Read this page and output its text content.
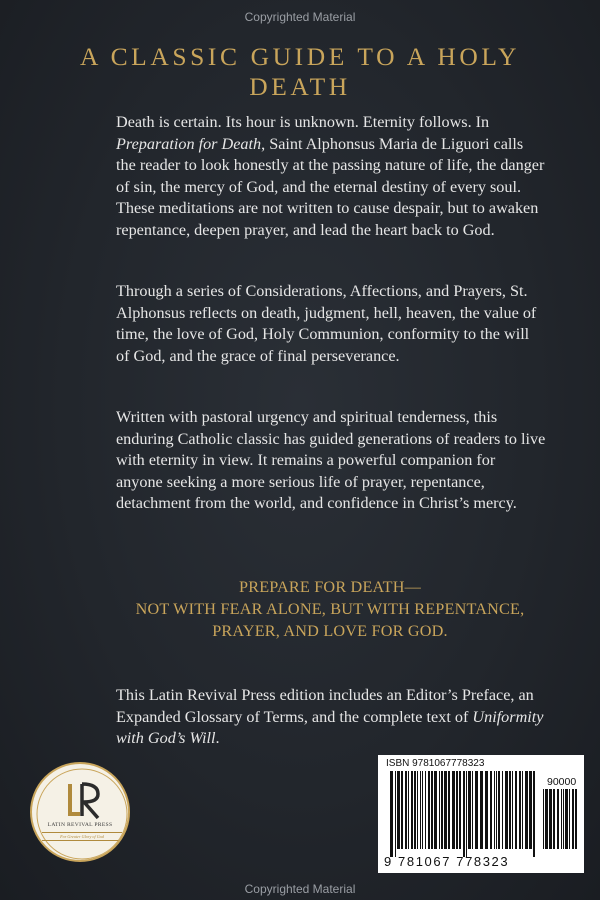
Copyrighted Material
A CLASSIC GUIDE TO A HOLY DEATH

Death is certain. Its hour is unknown. Eternity follows. In Preparation for Death, Saint Alphonsus Maria de Liguori calls the reader to look honestly at the passing nature of life, the danger of sin, the mercy of God, and the eternal destiny of every soul. These meditations are not written to cause despair, but to awaken repentance, deepen prayer, and lead the heart back to God.

Through a series of Considerations, Affections, and Prayers, St. Alphonsus reflects on death, judgment, hell, heaven, the value of time, the love of God, Holy Communion, conformity to the will of God, and the grace of final perseverance.

Written with pastoral urgency and spiritual tenderness, this enduring Catholic classic has guided generations of readers to live with eternity in view. It remains a powerful companion for anyone seeking a more serious life of prayer, repentance, detachment from the world, and confidence in Christ’s mercy.

PREPARE FOR DEATH—
NOT WITH FEAR ALONE, BUT WITH REPENTANCE,
PRAYER, AND LOVE FOR GOD.

This Latin Revival Press edition includes an Editor’s Preface, an Expanded Glossary of Terms, and the complete text of Uniformity with God’s Will.

LATIN REVIVAL PRESS
For Greater Glory of God
ISBN 9781067778323
90000
9 781067 778323
Copyrighted Material
